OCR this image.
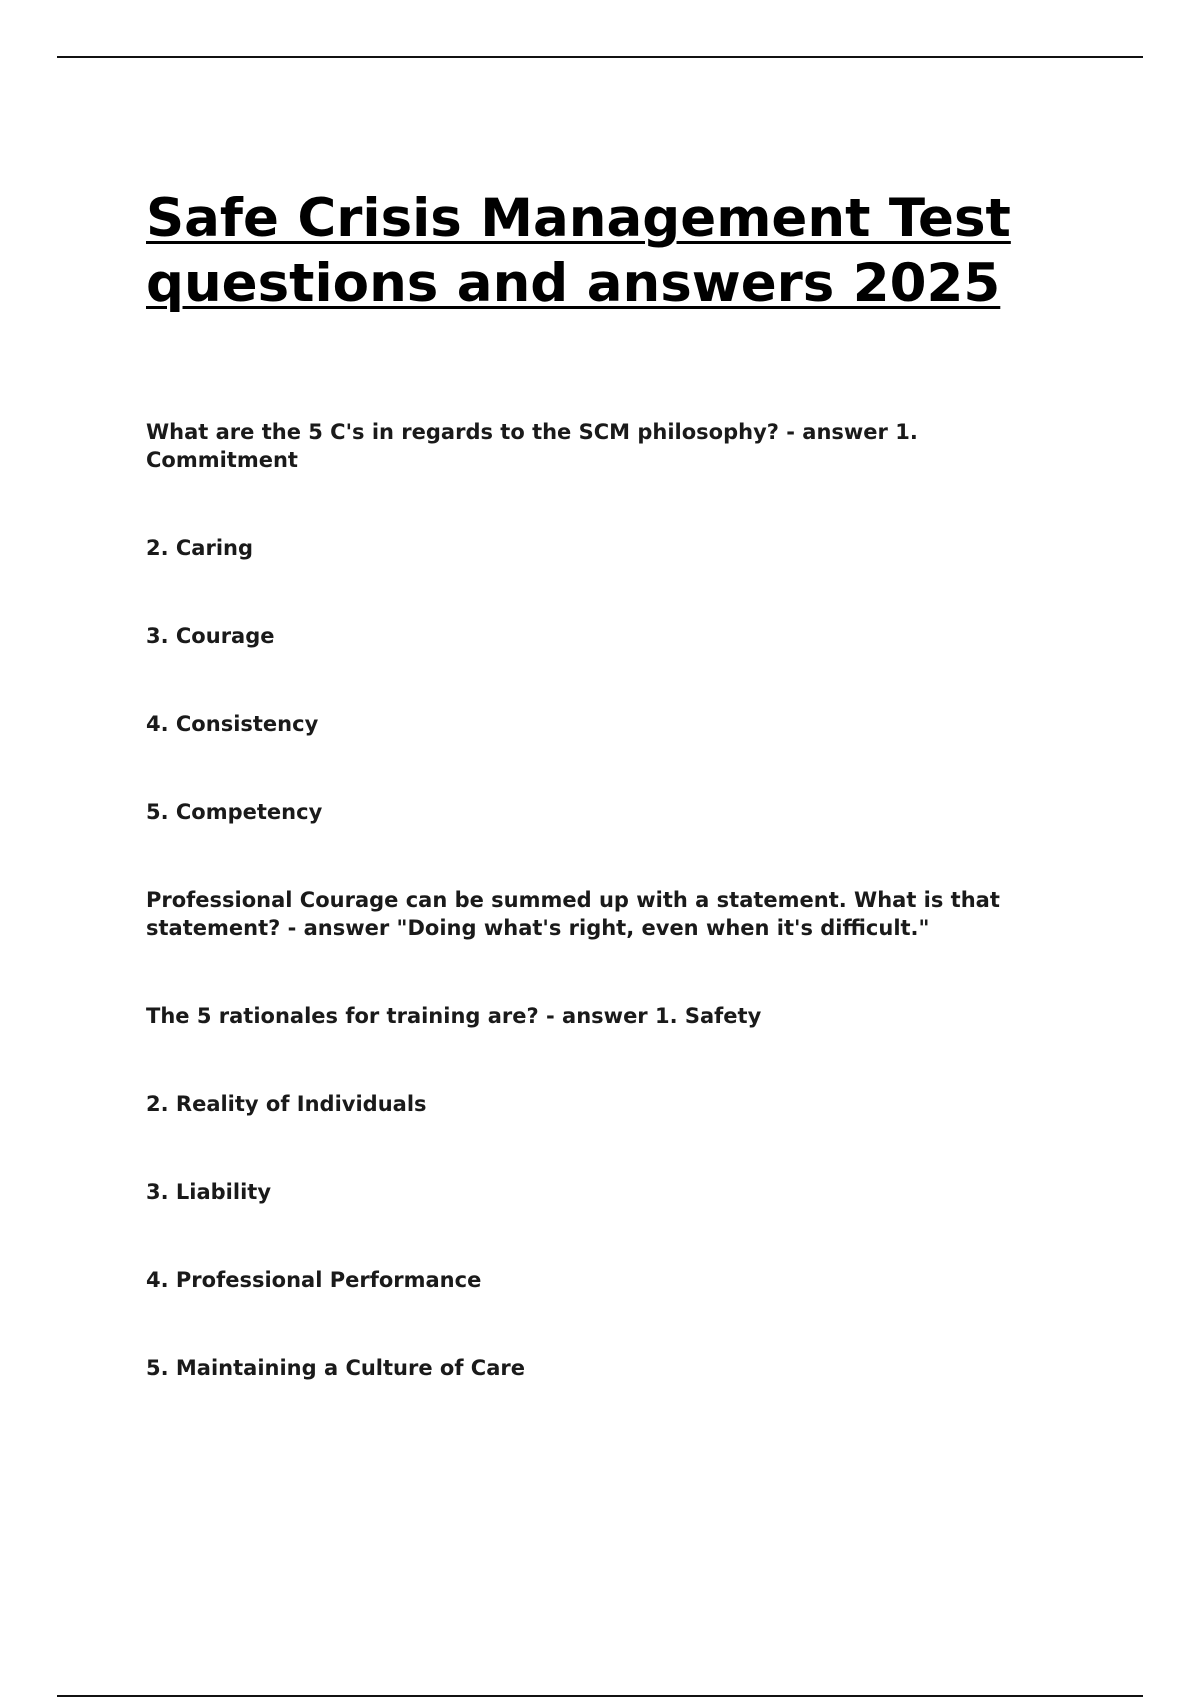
Safe Crisis Management Test questions and answers 2025

What are the 5 C's in regards to the SCM philosophy? - answer 1. Commitment

2. Caring

3. Courage

4. Consistency

5. Competency

Professional Courage can be summed up with a statement. What is that statement? - answer "Doing what's right, even when it's difficult."

The 5 rationales for training are? - answer 1. Safety

2. Reality of Individuals

3. Liability

4. Professional Performance

5. Maintaining a Culture of Care
